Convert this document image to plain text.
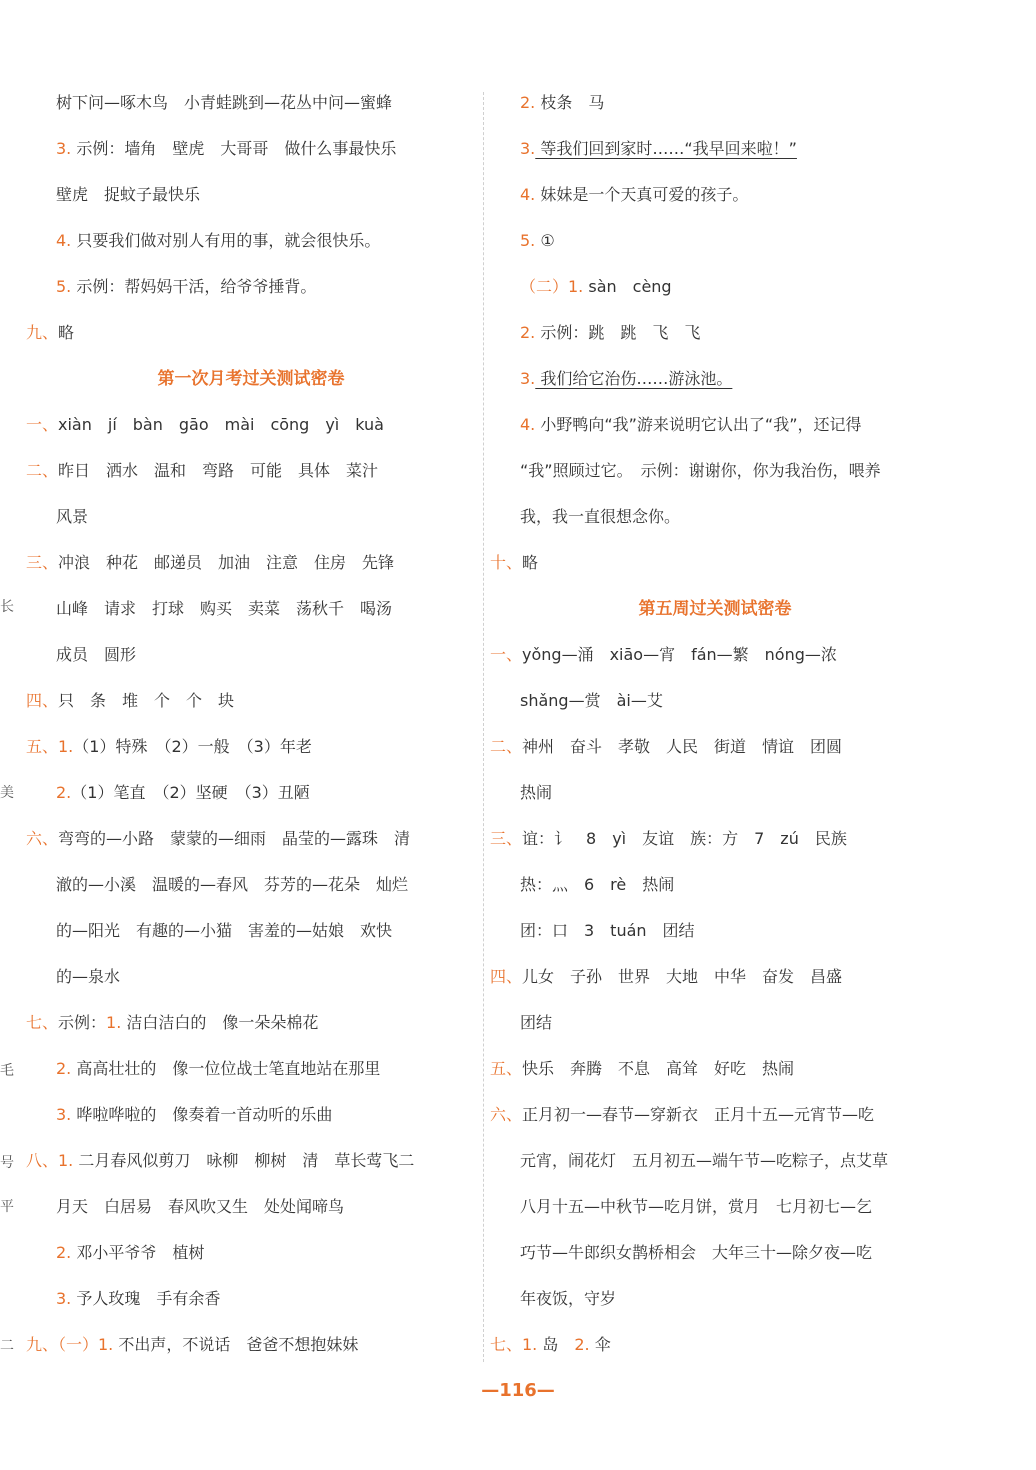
长
美
毛
号
平
二
树下问—啄木鸟　小青蛙跳到—花丛中问—蜜蜂
3. 示例：墙角　壁虎　大哥哥　做什么事最快乐
壁虎　捉蚊子最快乐
4. 只要我们做对别人有用的事，就会很快乐。
5. 示例：帮妈妈干活，给爷爷捶背。
九、略
第一次月考过关测试密卷
一、xiàn　jí　bàn　gāo　mài　cōng　yì　kuà
二、昨日　洒水　温和　弯路　可能　具体　菜汁
风景
三、冲浪　种花　邮递员　加油　注意　住房　先锋
山峰　请求　打球　购买　卖菜　荡秋千　喝汤
成员　圆形
四、只　条　堆　个　个　块
五、1.（1）特殊　（2）一般　（3）年老
2.（1）笔直　（2）坚硬　（3）丑陋
六、弯弯的—小路　蒙蒙的—细雨　晶莹的—露珠　清
澈的—小溪　温暖的—春风　芬芳的—花朵　灿烂
的—阳光　有趣的—小猫　害羞的—姑娘　欢快
的—泉水
七、示例：1. 洁白洁白的　像一朵朵棉花
2. 高高壮壮的　像一位位战士笔直地站在那里
3. 哗啦哗啦的　像奏着一首动听的乐曲
八、1. 二月春风似剪刀　咏柳　柳树　清　草长莺飞二
月天　白居易　春风吹又生　处处闻啼鸟
2. 邓小平爷爷　植树
3. 予人玫瑰　手有余香
九、（一）1. 不出声，不说话　爸爸不想抱妹妹
2. 枝条　马
3. 等我们回到家时……“我早回来啦！”
4. 妹妹是一个天真可爱的孩子。
5. ①
（二）1. sàn　cèng
2. 示例：跳　跳　飞　飞
3. 我们给它治伤……游泳池。
4. 小野鸭向“我”游来说明它认出了“我”，还记得
“我”照顾过它。　示例：谢谢你，你为我治伤，喂养
我，我一直很想念你。
十、略
第五周过关测试密卷
一、yǒng—涌　xiāo—宵　fán—繁　nóng—浓
shǎng—赏　ài—艾
二、神州　奋斗　孝敬　人民　街道　情谊　团圆
热闹
三、谊：讠　8　yì　友谊　族：方　7　zú　民族
热：灬　6　rè　热闹
团：口　3　tuán　团结
四、儿女　子孙　世界　大地　中华　奋发　昌盛
团结
五、快乐　奔腾　不息　高耸　好吃　热闹
六、正月初一—春节—穿新衣　正月十五—元宵节—吃
元宵，闹花灯　五月初五—端午节—吃粽子，点艾草
八月十五—中秋节—吃月饼，赏月　七月初七—乞
巧节—牛郎织女鹊桥相会　大年三十—除夕夜—吃
年夜饭，守岁
七、1. 岛　2. 伞
—116—
